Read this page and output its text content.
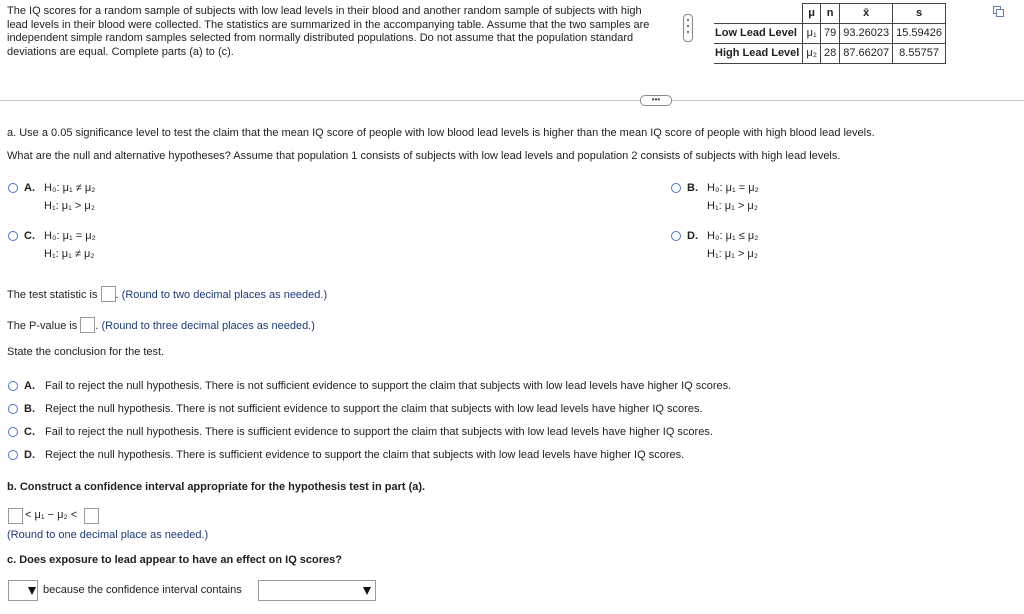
The IQ scores for a random sample of subjects with low lead levels in their blood and another random sample of subjects with high lead levels in their blood were collected. The statistics are summarized in the accompanying table. Assume that the two samples are independent simple random samples selected from normally distributed populations. Do not assume that the population standard deviations are equal. Complete parts (a) to (c).
	μ	n	x̄	s
Low Lead Level	μ₁	79	93.26023	15.59426
High Lead Level	μ₂	28	87.66207	8.55757
•••
a. Use a 0.05 significance level to test the claim that the mean IQ score of people with low blood lead levels is higher than the mean IQ score of people with high blood lead levels.
What are the null and alternative hypotheses? Assume that population 1 consists of subjects with low lead levels and population 2 consists of subjects with high lead levels.
A. H₀: μ₁ ≠ μ₂
H₁: μ₁ > μ₂
B. H₀: μ₁ = μ₂
H₁: μ₁ > μ₂
C. H₀: μ₁ = μ₂
H₁: μ₁ ≠ μ₂
D. H₀: μ₁ ≤ μ₂
H₁: μ₁ > μ₂
The test statistic is . (Round to two decimal places as needed.)
The P-value is . (Round to three decimal places as needed.)
State the conclusion for the test.
A. Fail to reject the null hypothesis. There is not sufficient evidence to support the claim that subjects with low lead levels have higher IQ scores.
B. Reject the null hypothesis. There is not sufficient evidence to support the claim that subjects with low lead levels have higher IQ scores.
C. Fail to reject the null hypothesis. There is sufficient evidence to support the claim that subjects with low lead levels have higher IQ scores.
D. Reject the null hypothesis. There is sufficient evidence to support the claim that subjects with low lead levels have higher IQ scores.
b. Construct a confidence interval appropriate for the hypothesis test in part (a).
< μ₁ − μ₂ <
(Round to one decimal place as needed.)
c. Does exposure to lead appear to have an effect on IQ scores?
because the confidence interval contains
